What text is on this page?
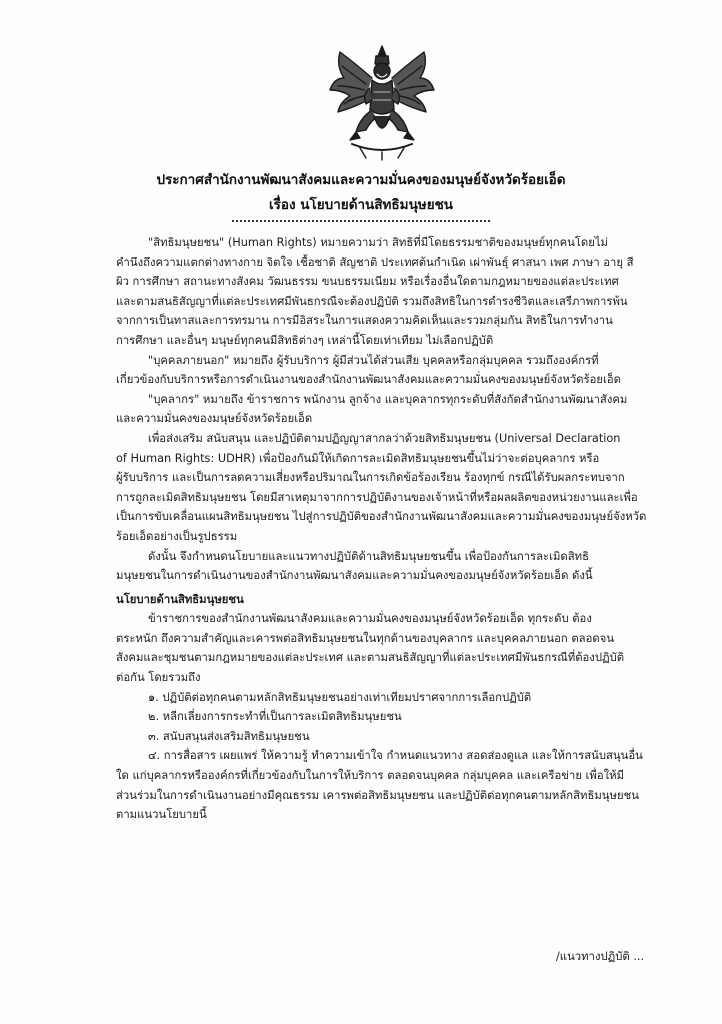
ประกาศสำนักงานพัฒนาสังคมและความมั่นคงของมนุษย์จังหวัดร้อยเอ็ด
เรื่อง นโยบายด้านสิทธิมนุษยชน
"สิทธิมนุษยชน" (Human Rights) หมายความว่า สิทธิที่มีโดยธรรมชาติของมนุษย์ทุกคนโดยไม่
คำนึงถึงความแตกต่างทางกาย จิตใจ เชื้อชาติ สัญชาติ ประเทศต้นกำเนิด เผ่าพันธุ์ ศาสนา เพศ ภาษา อายุ สี
ผิว การศึกษา สถานะทางสังคม วัฒนธรรม ขนบธรรมเนียม หรือเรื่องอื่นใดตามกฎหมายของแต่ละประเทศ
และตามสนธิสัญญาที่แต่ละประเทศมีพันธกรณีจะต้องปฏิบัติ รวมถึงสิทธิในการดำรงชีวิตและเสรีภาพการพ้น
จากการเป็นทาสและการทรมาน การมีอิสระในการแสดงความคิดเห็นและรวมกลุ่มกัน สิทธิในการทำงาน
การศึกษา และอื่นๆ มนุษย์ทุกคนมีสิทธิต่างๆ เหล่านี้โดยเท่าเทียม ไม่เลือกปฏิบัติ
"บุคคลภายนอก" หมายถึง ผู้รับบริการ ผู้มีส่วนได้ส่วนเสีย บุคคลหรือกลุ่มบุคคล รวมถึงองค์กรที่
เกี่ยวข้องกับบริการหรือการดำเนินงานของสำนักงานพัฒนาสังคมและความมั่นคงของมนุษย์จังหวัดร้อยเอ็ด
"บุคลากร" หมายถึง ข้าราชการ พนักงาน ลูกจ้าง และบุคลากรทุกระดับที่สังกัดสำนักงานพัฒนาสังคม
และความมั่นคงของมนุษย์จังหวัดร้อยเอ็ด
เพื่อส่งเสริม สนับสนุน และปฏิบัติตามปฏิญญาสากลว่าด้วยสิทธิมนุษยชน (Universal Declaration
of Human Rights: UDHR) เพื่อป้องกันมิให้เกิดการละเมิดสิทธิมนุษยชนขึ้นไม่ว่าจะต่อบุคลากร หรือ
ผู้รับบริการ และเป็นการลดความเสี่ยงหรือปริมาณในการเกิดข้อร้องเรียน ร้องทุกข์ กรณีได้รับผลกระทบจาก
การถูกละเมิดสิทธิมนุษยชน โดยมีสาเหตุมาจากการปฏิบัติงานของเจ้าหน้าที่หรือผลผลิตของหน่วยงานและเพื่อ
เป็นการขับเคลื่อนแผนสิทธิมนุษยชน ไปสู่การปฏิบัติของสำนักงานพัฒนาสังคมและความมั่นคงของมนุษย์จังหวัด
ร้อยเอ็ดอย่างเป็นรูปธรรม
ดังนั้น จึงกำหนดนโยบายและแนวทางปฏิบัติด้านสิทธิมนุษยชนขึ้น เพื่อป้องกันการละเมิดสิทธิ
มนุษยชนในการดำเนินงานของสำนักงานพัฒนาสังคมและความมั่นคงของมนุษย์จังหวัดร้อยเอ็ด ดังนี้
นโยบายด้านสิทธิมนุษยชน
ข้าราชการของสำนักงานพัฒนาสังคมและความมั่นคงของมนุษย์จังหวัดร้อยเอ็ด ทุกระดับ ต้อง
ตระหนัก ถึงความสำคัญและเคารพต่อสิทธิมนุษยชนในทุกด้านของบุคลากร และบุคคลภายนอก ตลอดจน
สังคมและชุมชนตามกฎหมายของแต่ละประเทศ และตามสนธิสัญญาที่แต่ละประเทศมีพันธกรณีที่ต้องปฏิบัติ
ต่อกัน โดยรวมถึง
๑. ปฏิบัติต่อทุกคนตามหลักสิทธิมนุษยชนอย่างเท่าเทียมปราศจากการเลือกปฏิบัติ
๒. หลีกเลี่ยงการกระทำที่เป็นการละเมิดสิทธิมนุษยชน
๓. สนับสนุนส่งเสริมสิทธิมนุษยชน
๔. การสื่อสาร เผยแพร่ ให้ความรู้ ทำความเข้าใจ กำหนดแนวทาง สอดส่องดูแล และให้การสนับสนุนอื่น
ใด แก่บุคลากรหรือองค์กรที่เกี่ยวข้องกับในการให้บริการ ตลอดจนบุคคล กลุ่มบุคคล และเครือข่าย เพื่อให้มี
ส่วนร่วมในการดำเนินงานอย่างมีคุณธรรม เคารพต่อสิทธิมนุษยชน และปฏิบัติต่อทุกคนตามหลักสิทธิมนุษยชน
ตามแนวนโยบายนี้
/แนวทางปฏิบัติ ...
